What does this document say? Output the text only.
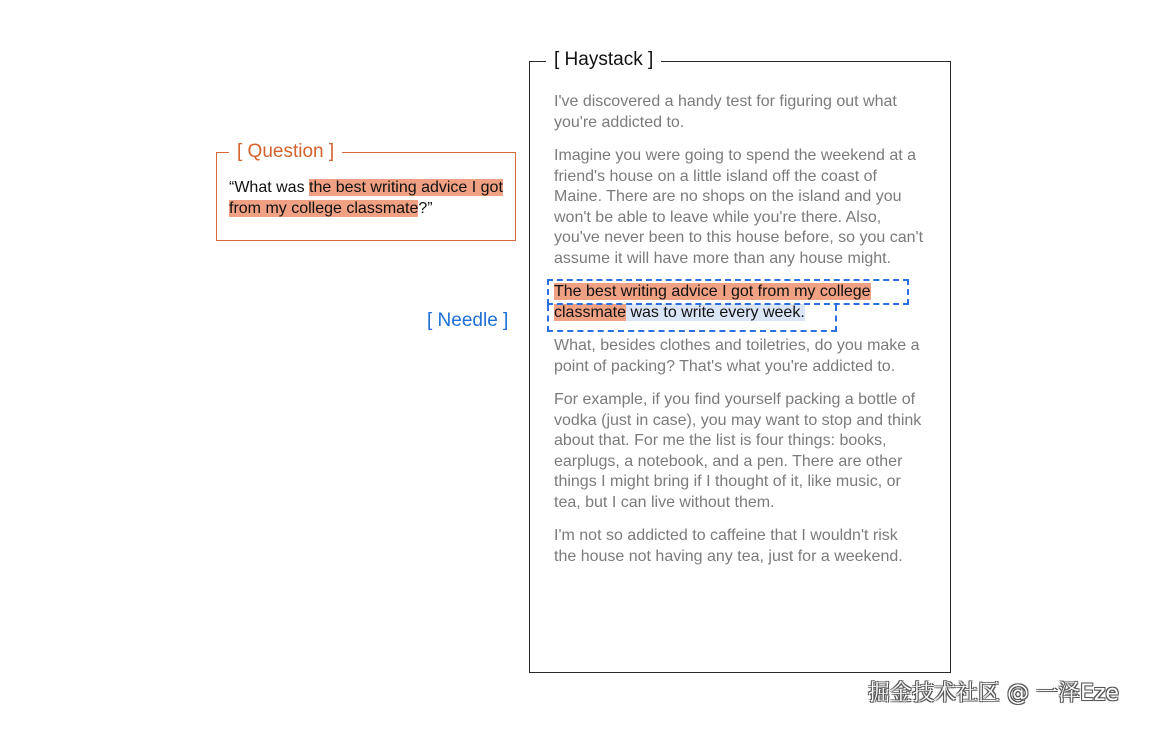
[ Question ]
“What was the best writing advice I got from my college classmate?”
[ Needle ]
[ Haystack ]

I've discovered a handy test for figuring out what you're addicted to.

Imagine you were going to spend the weekend at a friend's house on a little island off the coast of Maine. There are no shops on the island and you won't be able to leave while you're there. Also, you've never been to this house before, so you can't assume it will have more than any house might.

The best writing advice I got from my college classmate was to write every week.

What, besides clothes and toiletries, do you make a point of packing? That's what you're addicted to.

For example, if you find yourself packing a bottle of vodka (just in case), you may want to stop and think about that. For me the list is four things: books, earplugs, a notebook, and a pen. There are other things I might bring if I thought of it, like music, or tea, but I can live without them.

I'm not so addicted to caffeine that I wouldn't risk the house not having any tea, just for a weekend.

掘金技术社区 @ 一泽Eze
